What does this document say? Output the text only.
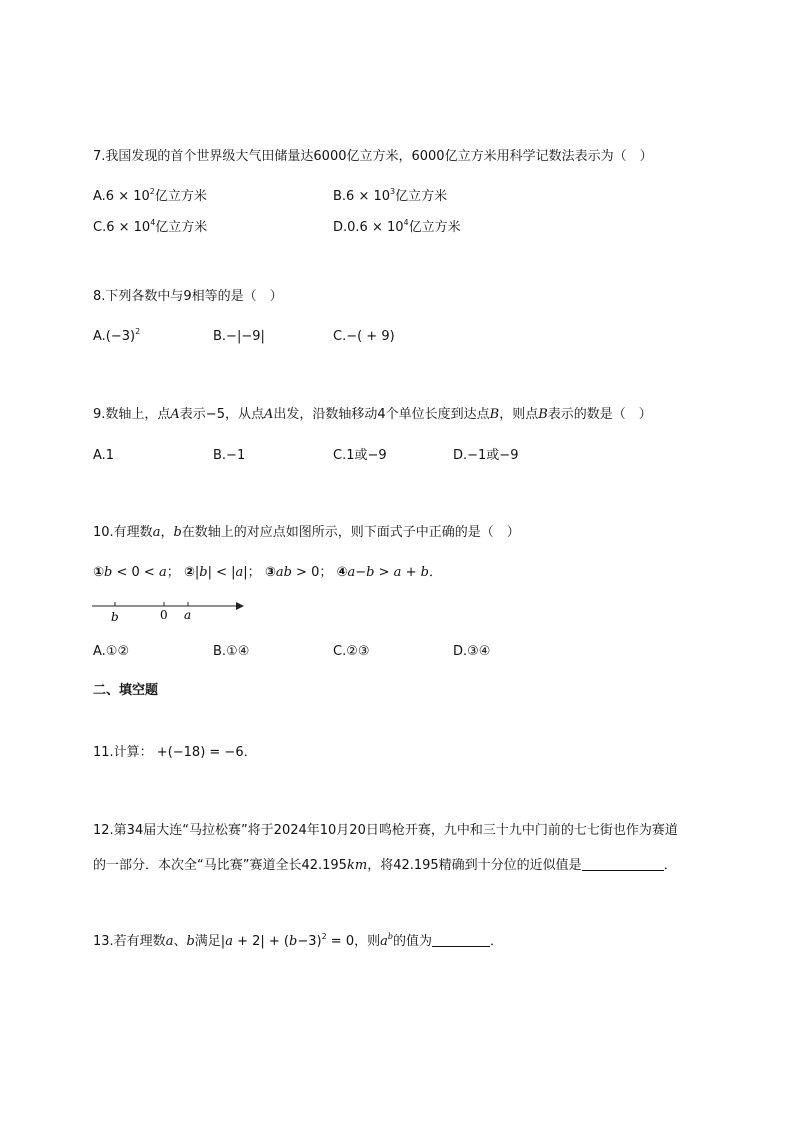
7.我国发现的首个世界级大气田储量达6000亿立方米，6000亿立方米用科学记数法表示为（　）
$A.6 \times 10^2$亿立方米	$B.6 \times 10^3$亿立方米
$C.6 \times 10^4$亿立方米	$D.0.6 \times 10^4$亿立方米
8.下列各数中与9相等的是（　）
$A.(-3)^2$	B.−|−9|	C.−( + 9)
9.数轴上，点A表示−5，从点A出发，沿数轴移动4个单位长度到达点B，则点B表示的数是（　）
A.1	B.−1	C.1或−9	D.−1或−9
10.有理数a，b在数轴上的对应点如图所示，则下面式子中正确的是（　）
①b < 0 < a； ②|b| < |a|； ③ab > 0； ④a−b > a + b．
b	0 a
A.①②	B.①④	C.②③	D.③④
二、填空题
11.计算： +(−18) = −6．
12.第34届大连“马拉松赛”将于2024年10月20日鸣枪开赛，九中和三十九中门前的七七街也作为赛道
的一部分．本次全“马比赛”赛道全长42.195km，将42.195精确到十分位的近似值是	．
13.若有理数a、b满足$|a + 2| + (b-3)^2 = 0$，则$a^b$的值为	．
